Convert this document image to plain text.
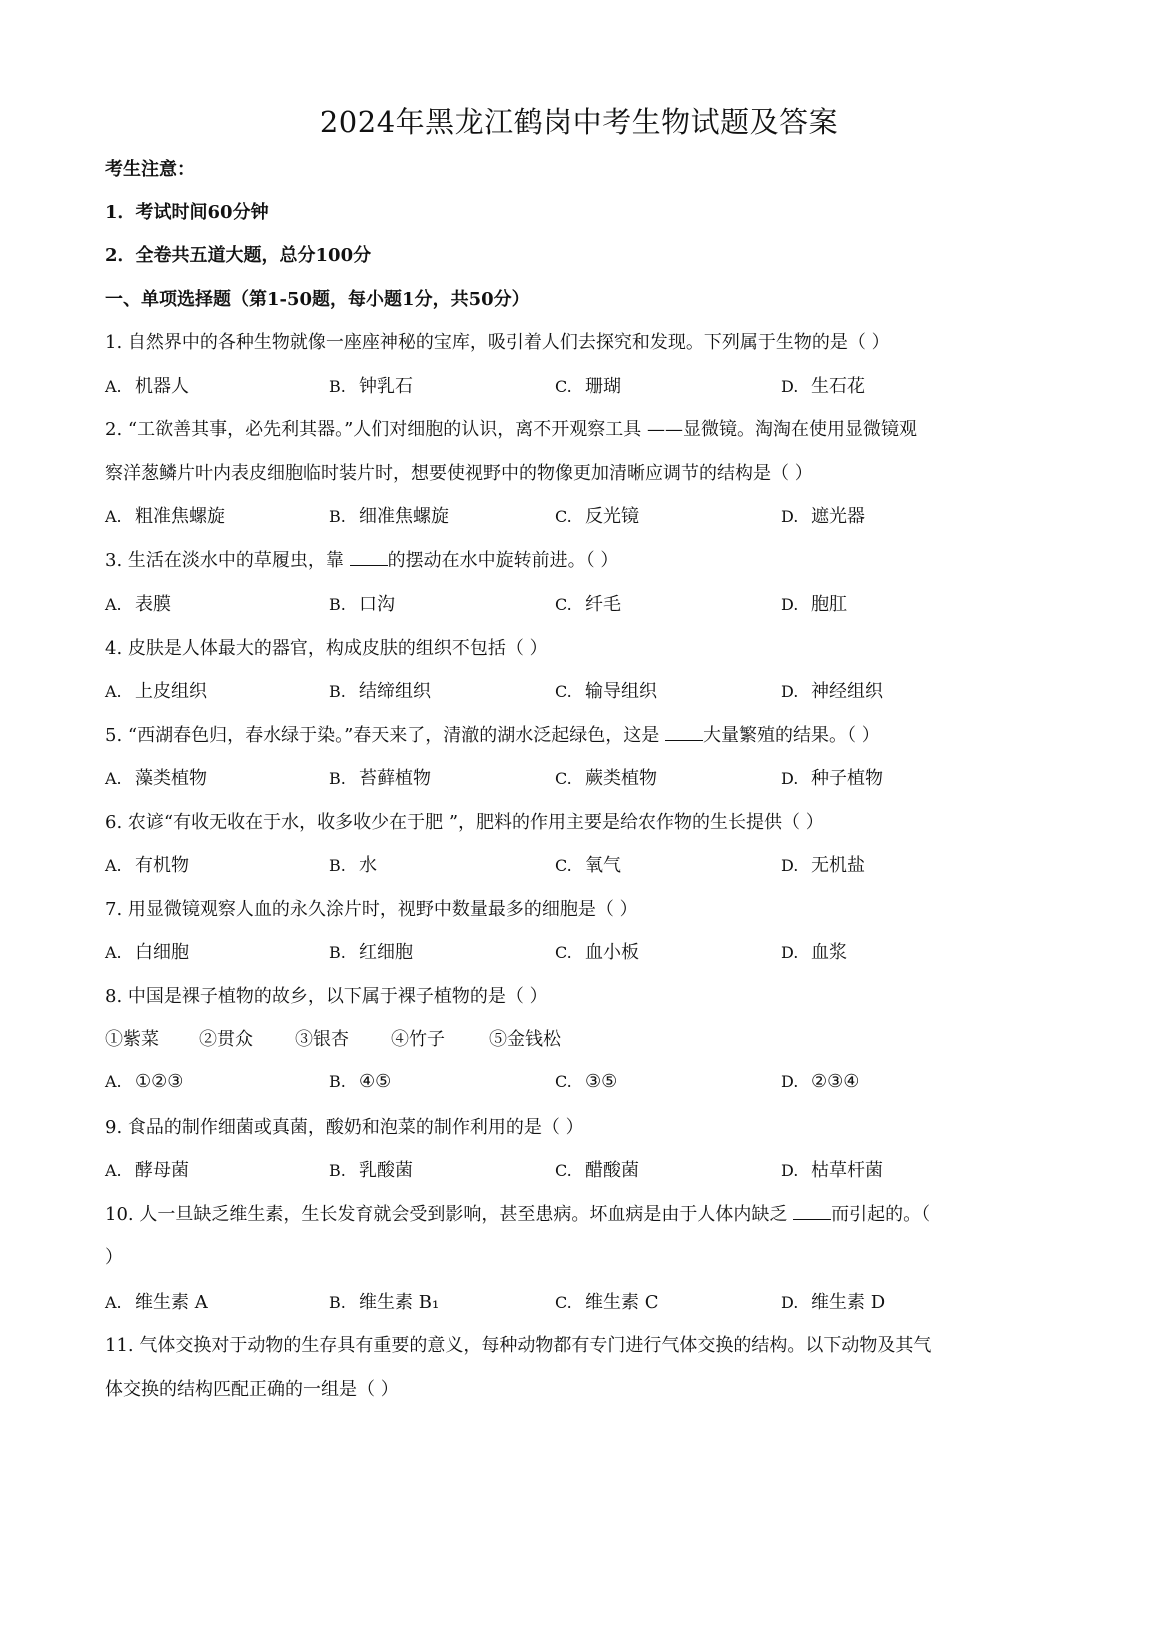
2024年黑龙江鹤岗中考生物试题及答案
考生注意：
1．考试时间60分钟
2．全卷共五道大题，总分100分
一、单项选择题（第1-50题，每小题1分，共50分）
1. 自然界中的各种生物就像一座座神秘的宝库，吸引着人们去探究和发现。下列属于生物的是（ ）
A. 机器人	B. 钟乳石	C. 珊瑚	D. 生石花
2. “工欲善其事，必先利其器。”人们对细胞的认识，离不开观察工具 ——显微镜。淘淘在使用显微镜观
察洋葱鳞片叶内表皮细胞临时装片时，想要使视野中的物像更加清晰应调节的结构是（ ）
A. 粗准焦螺旋	B. 细准焦螺旋	C. 反光镜	D. 遮光器
3. 生活在淡水中的草履虫，靠 的摆动在水中旋转前进。（ ）
A. 表膜	B. 口沟	C. 纤毛	D. 胞肛
4. 皮肤是人体最大的器官，构成皮肤的组织不包括（ ）
A. 上皮组织	B. 结缔组织	C. 输导组织	D. 神经组织
5. “西湖春色归，春水绿于染。”春天来了，清澈的湖水泛起绿色，这是 大量繁殖的结果。（ ）
A. 藻类植物	B. 苔藓植物	C. 蕨类植物	D. 种子植物
6. 农谚“有收无收在于水，收多收少在于肥 ”，肥料的作用主要是给农作物的生长提供（ ）
A. 有机物	B. 水	C. 氧气	D. 无机盐
7. 用显微镜观察人血的永久涂片时，视野中数量最多的细胞是（ ）
A. 白细胞	B. 红细胞	C. 血小板	D. 血浆
8. 中国是裸子植物的故乡，以下属于裸子植物的是（ ）
①紫菜 ②贯众 ③银杏 ④竹子 ⑤金钱松
A. ①②③	B. ④⑤	C. ③⑤	D. ②③④
9. 食品的制作细菌或真菌，酸奶和泡菜的制作利用的是（ ）
A. 酵母菌	B. 乳酸菌	C. 醋酸菌	D. 枯草杆菌
10. 人一旦缺乏维生素，生长发育就会受到影响，甚至患病。坏血病是由于人体内缺乏 而引起的。（
）
A. 维生素 A	B. 维生素 B₁	C. 维生素 C	D. 维生素 D
11. 气体交换对于动物的生存具有重要的意义，每种动物都有专门进行气体交换的结构。以下动物及其气
体交换的结构匹配正确的一组是（ ）
